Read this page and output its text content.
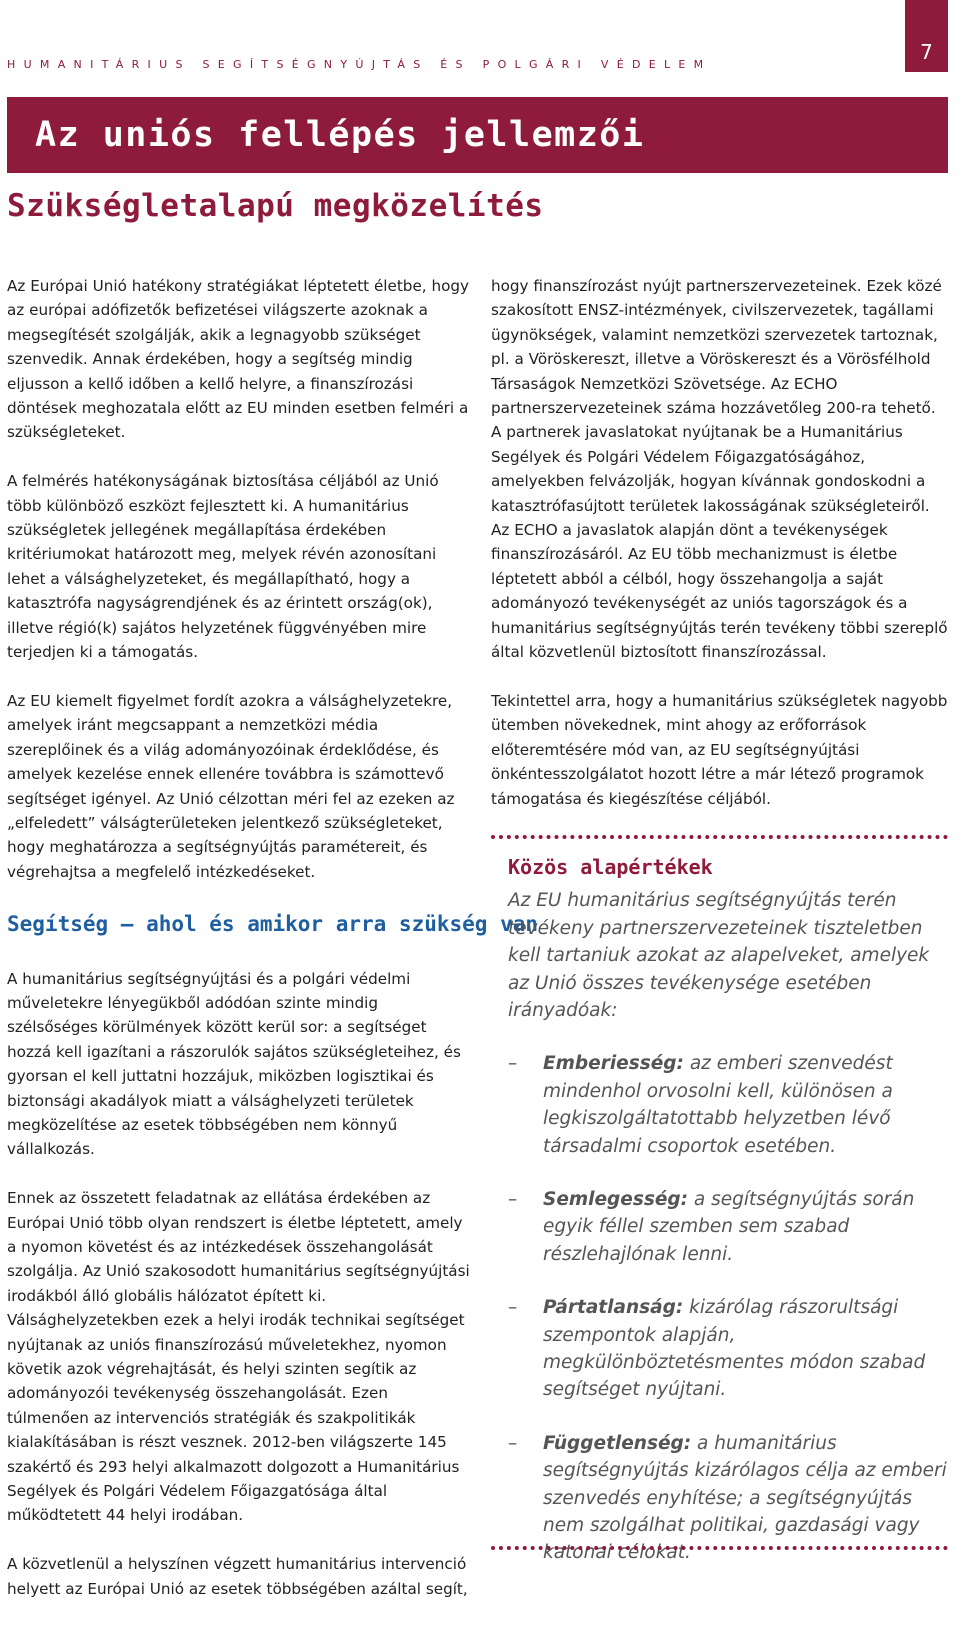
HUMANITÁRIUS SEGÍTSÉGNYÚJTÁS ÉS POLGÁRI VÉDELEM
7
Az uniós fellépés jellemzői
Szükségletalapú megközelítés

Az Európai Unió hatékony stratégiákat léptetett életbe, hogy az európai adófizetők befizetései világszerte azoknak a megsegítését szolgálják, akik a legnagyobb szükséget szenvedik. Annak érdekében, hogy a segítség mindig eljusson a kellő időben a kellő helyre, a finanszírozási döntések meghozatala előtt az EU minden esetben felméri a szükségleteket.

A felmérés hatékonyságának biztosítása céljából az Unió több különböző eszközt fejlesztett ki. A humanitárius szükségletek jellegének megállapítása érdekében kritériumokat határozott meg, melyek révén azonosítani lehet a válsághelyzeteket, és megállapítható, hogy a katasztrófa nagyságrendjének és az érintett ország(ok), illetve régió(k) sajátos helyzetének függvényében mire terjedjen ki a támogatás.

Az EU kiemelt figyelmet fordít azokra a válsághelyzetekre, amelyek iránt megcsappant a nemzetközi média szereplőinek és a világ adományozóinak érdeklődése, és amelyek kezelése ennek ellenére továbbra is számottevő segítséget igényel. Az Unió célzottan méri fel az ezeken az „elfeledett” válságterületeken jelentkező szükségleteket, hogy meghatározza a segítségnyújtás paramétereit, és végrehajtsa a megfelelő intézkedéseket.

Segítség – ahol és amikor arra szükség van

A humanitárius segítségnyújtási és a polgári védelmi műveletekre lényegükből adódóan szinte mindig szélsőséges körülmények között kerül sor: a segítséget hozzá kell igazítani a rászorulók sajátos szükségleteihez, és gyorsan el kell juttatni hozzájuk, miközben logisztikai és biztonsági akadályok miatt a válsághelyzeti területek megközelítése az esetek többségében nem könnyű vállalkozás.

Ennek az összetett feladatnak az ellátása érdekében az Európai Unió több olyan rendszert is életbe léptetett, amely a nyomon követést és az intézkedések összehangolását szolgálja. Az Unió szakosodott humanitárius segítségnyújtási irodákból álló globális hálózatot épített ki. Válsághelyzetekben ezek a helyi irodák technikai segítséget nyújtanak az uniós finanszírozású műveletekhez, nyomon követik azok végrehajtását, és helyi szinten segítik az adományozói tevékenység összehangolását. Ezen túlmenően az intervenciós stratégiák és szakpolitikák kialakításában is részt vesznek. 2012-ben világszerte 145 szakértő és 293 helyi alkalmazott dolgozott a Humanitárius Segélyek és Polgári Védelem Főigazgatósága által működtetett 44 helyi irodában.

A közvetlenül a helyszínen végzett humanitárius intervenció helyett az Európai Unió az esetek többségében azáltal segít,

hogy finanszírozást nyújt partnerszervezeteinek. Ezek közé szakosított ENSZ-intézmények, civilszervezetek, tagállami ügynökségek, valamint nemzetközi szervezetek tartoznak, pl. a Vöröskereszt, illetve a Vöröskereszt és a Vörösfélhold Társaságok Nemzetközi Szövetsége. Az ECHO partnerszervezeteinek száma hozzávetőleg 200-ra tehető. A partnerek javaslatokat nyújtanak be a Humanitárius Segélyek és Polgári Védelem Főigazgatóságához, amelyekben felvázolják, hogyan kívánnak gondoskodni a katasztrófasújtott területek lakosságának szükségleteiről. Az ECHO a javaslatok alapján dönt a tevékenységek finanszírozásáról. Az EU több mechanizmust is életbe léptetett abból a célból, hogy összehangolja a saját adományozó tevékenységét az uniós tagországok és a humanitárius segítségnyújtás terén tevékeny többi szereplő által közvetlenül biztosított finanszírozással.

Tekintettel arra, hogy a humanitárius szükségletek nagyobb ütemben növekednek, mint ahogy az erőforrások előteremtésére mód van, az EU segítségnyújtási önkéntesszolgálatot hozott létre a már létező programok támogatása és kiegészítése céljából.

Közös alapértékek

Az EU humanitárius segítségnyújtás terén tevékeny partnerszervezeteinek tiszteletben kell tartaniuk azokat az alapelveket, amelyek az Unió összes tevékenysége esetében irányadóak:

– Emberiesség: az emberi szenvedést mindenhol orvosolni kell, különösen a legkiszolgáltatottabb helyzetben lévő társadalmi csoportok esetében.
– Semlegesség: a segítségnyújtás során egyik féllel szemben sem szabad részlehajlónak lenni.
– Pártatlanság: kizárólag rászorultsági szempontok alapján, megkülönböztetésmentes módon szabad segítséget nyújtani.
– Függetlenség: a humanitárius segítségnyújtás kizárólagos célja az emberi szenvedés enyhítése; a segítségnyújtás nem szolgálhat politikai, gazdasági vagy katonai célokat.
